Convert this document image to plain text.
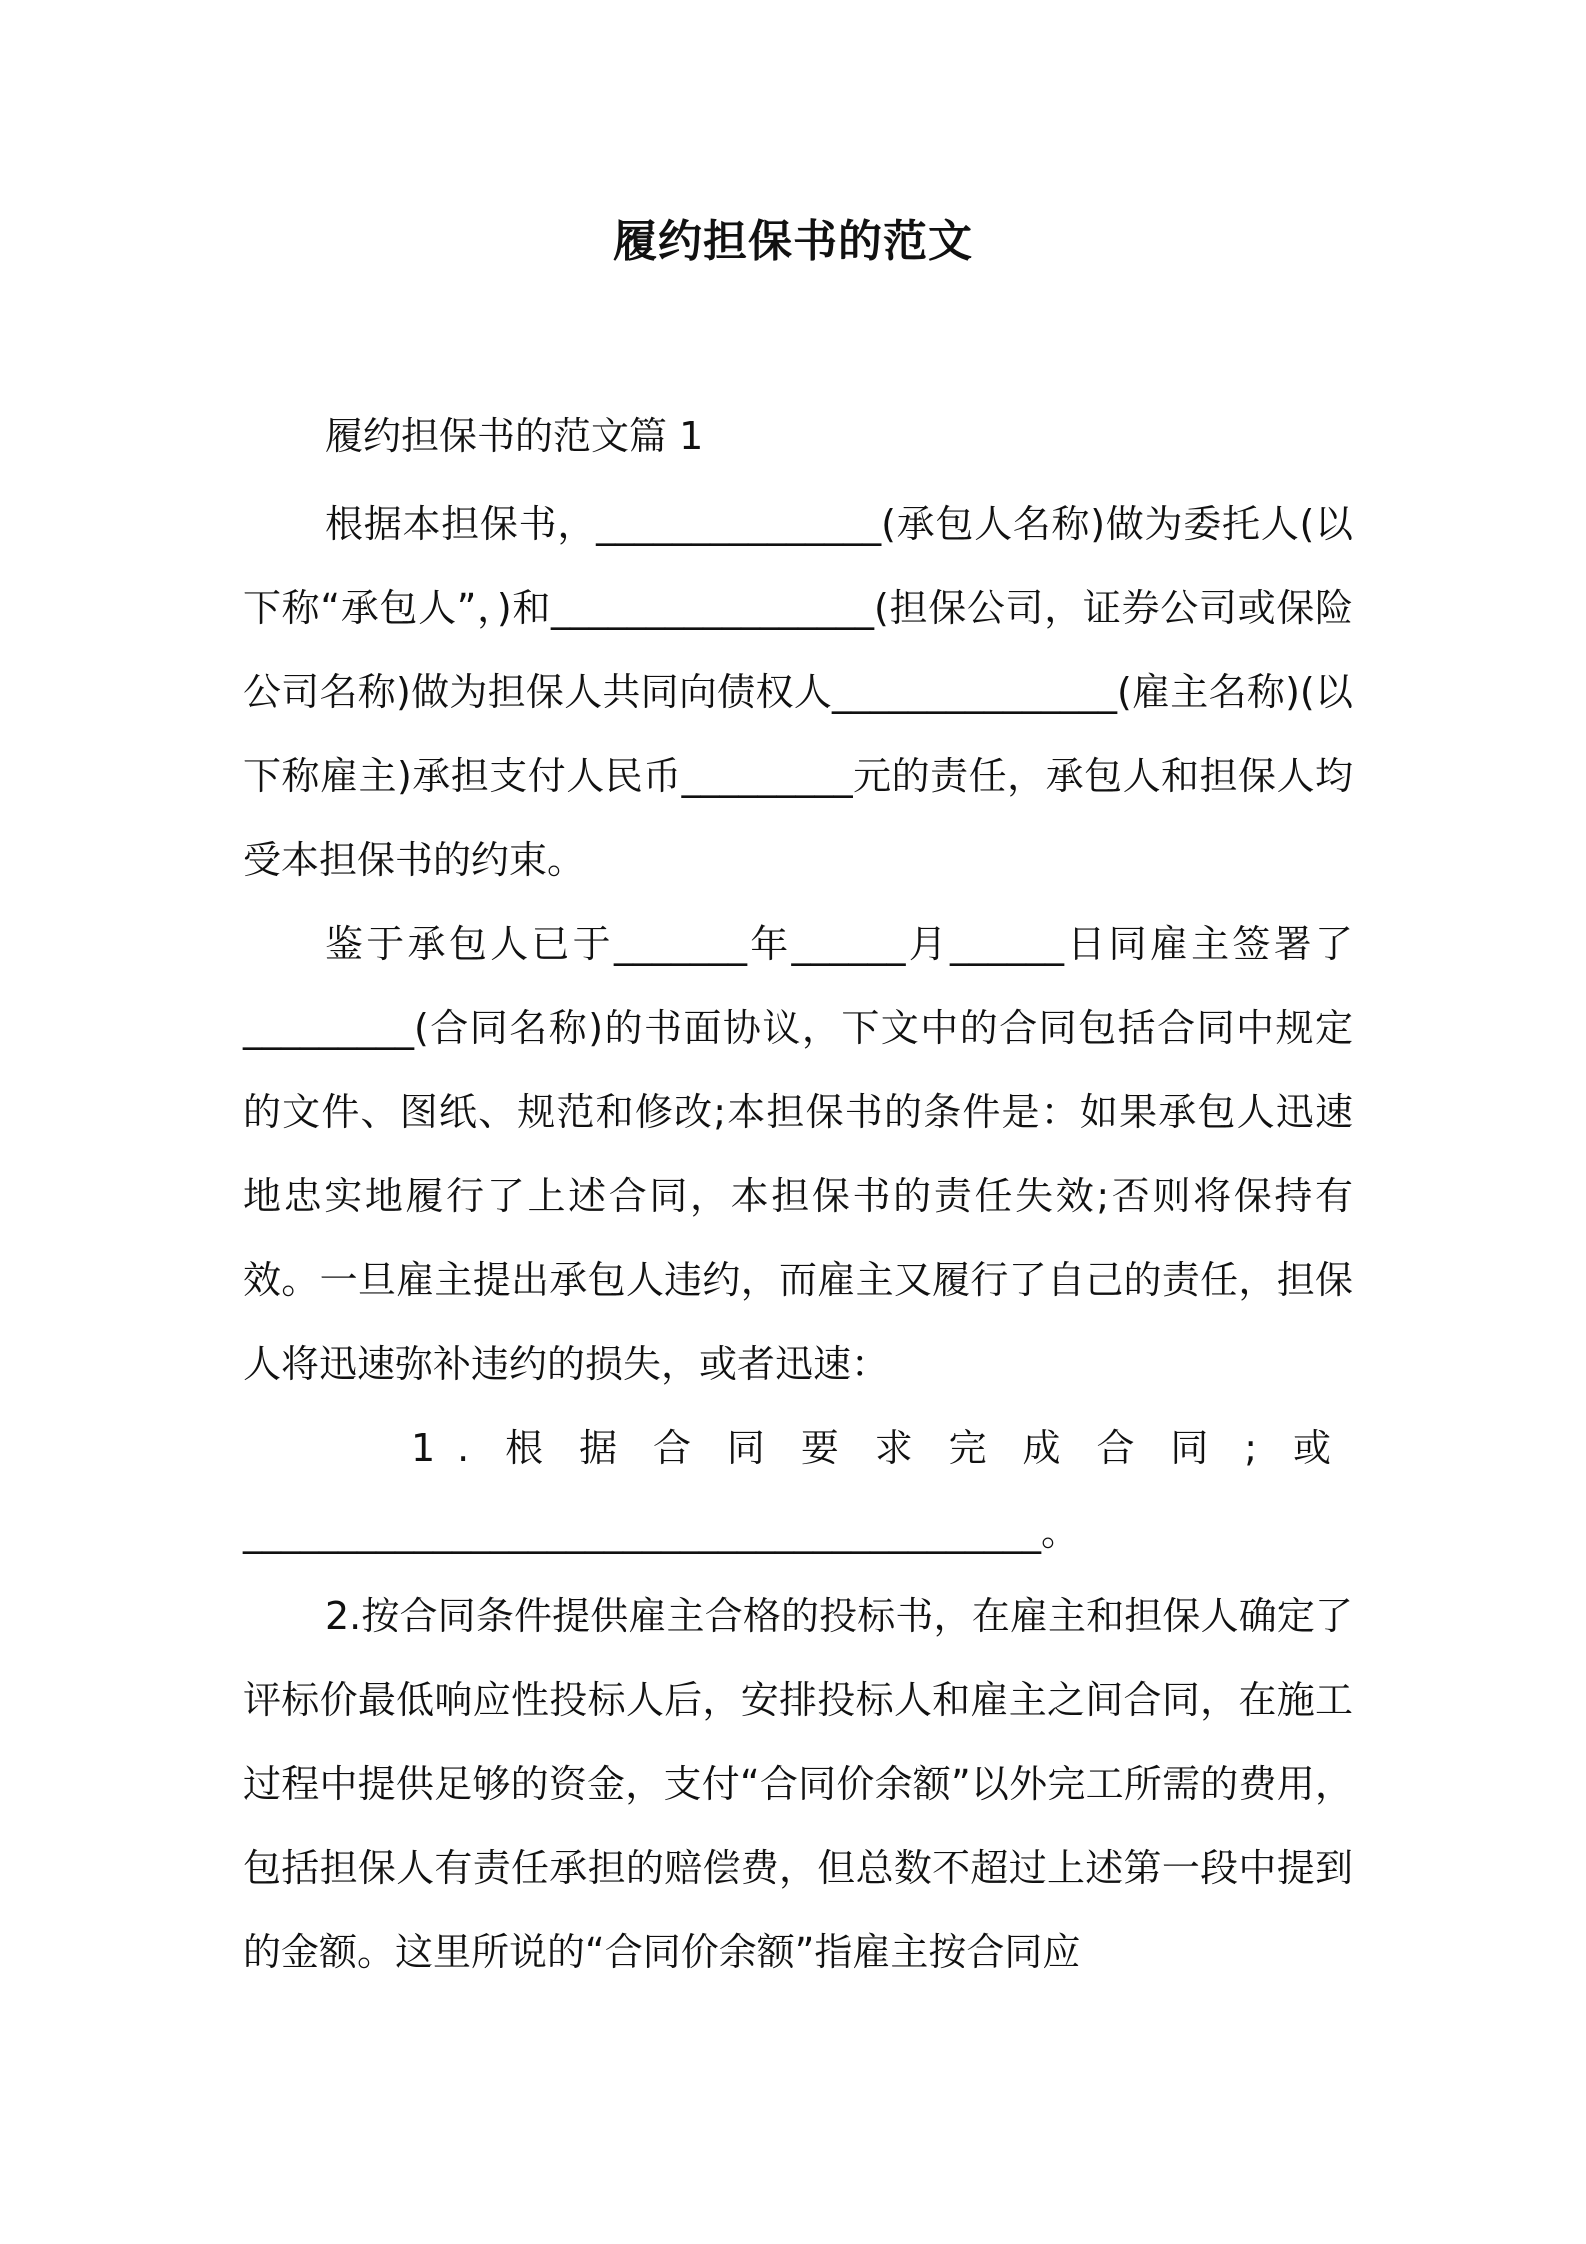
履约担保书的范文
履约担保书的范文篇 1

根据本担保书，_______________(承包人名称)做为委托人(以下称“承包人”，)和_________________(担保公司，证券公司或保险公司名称)做为担保人共同向债权人_______________(雇主名称)(以下称雇主)承担支付人民币_________元的责任，承包人和担保人均受本担保书的约束。

鉴于承包人已于_______年______月______日同雇主签署了_________(合同名称)的书面协议，下文中的合同包括合同中规定的文件、图纸、规范和修改;本担保书的条件是：如果承包人迅速地忠实地履行了上述合同，本担保书的责任失效;否则将保持有效。一旦雇主提出承包人违约，而雇主又履行了自己的责任，担保人将迅速弥补违约的损失，或者迅速：

1.根据合同要求完成合同;或

__________________________________________。

2.按合同条件提供雇主合格的投标书，在雇主和担保人确定了评标价最低响应性投标人后，安排投标人和雇主之间合同，在施工过程中提供足够的资金，支付“合同价余额”以外完工所需的费用，包括担保人有责任承担的赔偿费，但总数不超过上述第一段中提到的金额。这里所说的“合同价余额”指雇主按合同应
